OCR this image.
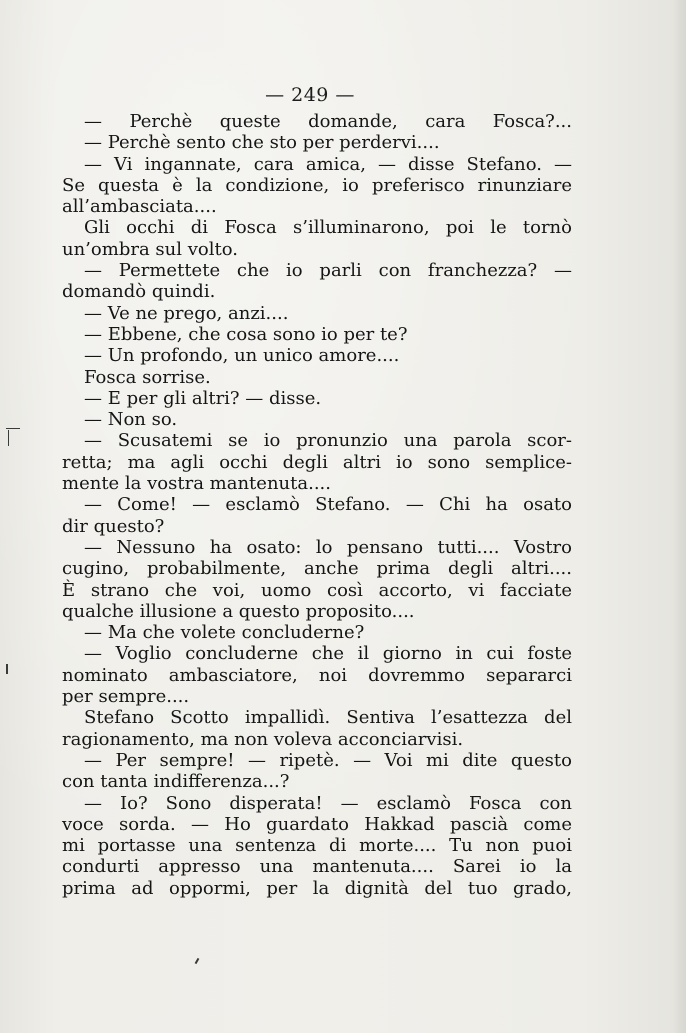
— 249 —
— Perchè queste domande, cara Fosca?...
— Perchè sento che sto per perdervi....
— Vi ingannate, cara amica, — disse Stefano. —
Se questa è la condizione, io preferisco rinunziare
all’ambasciata....
Gli occhi di Fosca s’illuminarono, poi le tornò
un’ombra sul volto.
— Permettete che io parli con franchezza? —
domandò quindi.
— Ve ne prego, anzi....
— Ebbene, che cosa sono io per te?
— Un profondo, un unico amore....
Fosca sorrise.
— E per gli altri? — disse.
— Non so.
— Scusatemi se io pronunzio una parola scor-
retta; ma agli occhi degli altri io sono semplice-
mente la vostra mantenuta....
— Come! — esclamò Stefano. — Chi ha osato
dir questo?
— Nessuno ha osato: lo pensano tutti.... Vostro
cugino, probabilmente, anche prima degli altri....
È strano che voi, uomo così accorto, vi facciate
qualche illusione a questo proposito....
— Ma che volete concluderne?
— Voglio concluderne che il giorno in cui foste
nominato ambasciatore, noi dovremmo separarci
per sempre....
Stefano Scotto impallidì. Sentiva l’esattezza del
ragionamento, ma non voleva acconciarvisi.
— Per sempre! — ripetè. — Voi mi dite questo
con tanta indifferenza...?
— Io? Sono disperata! — esclamò Fosca con
voce sorda. — Ho guardato Hakkad pascià come
mi portasse una sentenza di morte.... Tu non puoi
condurti appresso una mantenuta.... Sarei io la
prima ad oppormi, per la dignità del tuo grado,
